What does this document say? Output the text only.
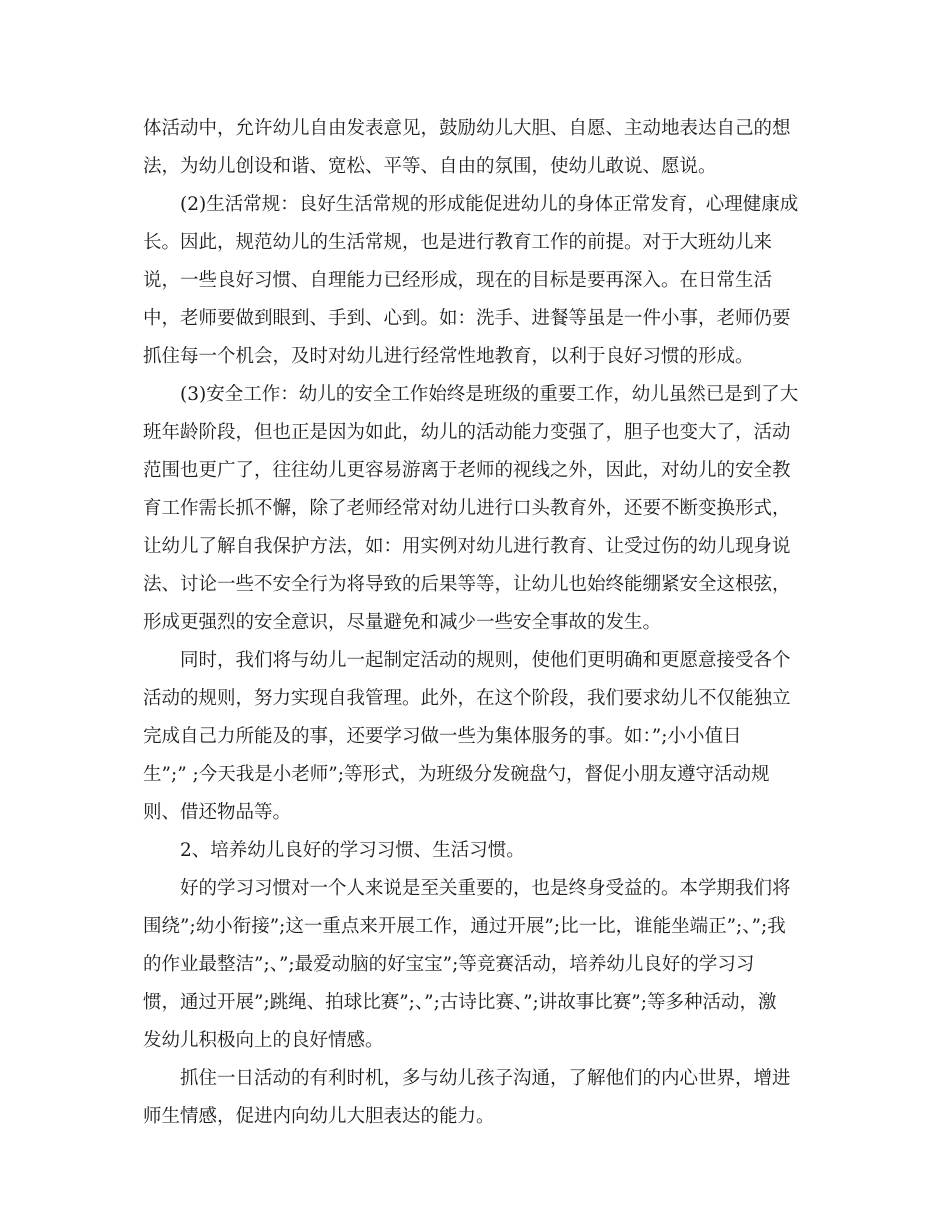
体活动中，允许幼儿自由发表意见，鼓励幼儿大胆、自愿、主动地表达自己的想
法，为幼儿创设和谐、宽松、平等、自由的氛围，使幼儿敢说、愿说。
(2)生活常规：良好生活常规的形成能促进幼儿的身体正常发育，心理健康成
长。因此，规范幼儿的生活常规，也是进行教育工作的前提。对于大班幼儿来
说，一些良好习惯、自理能力已经形成，现在的目标是要再深入。在日常生活
中，老师要做到眼到、手到、心到。如：洗手、进餐等虽是一件小事，老师仍要
抓住每一个机会，及时对幼儿进行经常性地教育，以利于良好习惯的形成。
(3)安全工作：幼儿的安全工作始终是班级的重要工作，幼儿虽然已是到了大
班年龄阶段，但也正是因为如此，幼儿的活动能力变强了，胆子也变大了，活动
范围也更广了，往往幼儿更容易游离于老师的视线之外，因此，对幼儿的安全教
育工作需长抓不懈，除了老师经常对幼儿进行口头教育外，还要不断变换形式，
让幼儿了解自我保护方法，如：用实例对幼儿进行教育、让受过伤的幼儿现身说
法、讨论一些不安全行为将导致的后果等等，让幼儿也始终能绷紧安全这根弦，
形成更强烈的安全意识，尽量避免和减少一些安全事故的发生。
同时，我们将与幼儿一起制定活动的规则，使他们更明确和更愿意接受各个
活动的规则，努力实现自我管理。此外，在这个阶段，我们要求幼儿不仅能独立
完成自己力所能及的事，还要学习做一些为集体服务的事。如：”;小小值日
生”;” ;今天我是小老师”;等形式，为班级分发碗盘勺，督促小朋友遵守活动规
则、借还物品等。
2、培养幼儿良好的学习习惯、生活习惯。
好的学习习惯对一个人来说是至关重要的，也是终身受益的。本学期我们将
围绕”;幼小衔接”;这一重点来开展工作，通过开展”;比一比，谁能坐端正”;、”;我
的作业最整洁”;、”;最爱动脑的好宝宝”;等竞赛活动，培养幼儿良好的学习习
惯，通过开展”;跳绳、拍球比赛”;、”;古诗比赛、”;讲故事比赛”;等多种活动，激
发幼儿积极向上的良好情感。
抓住一日活动的有利时机，多与幼儿孩子沟通，了解他们的内心世界，增进
师生情感，促进内向幼儿大胆表达的能力。
